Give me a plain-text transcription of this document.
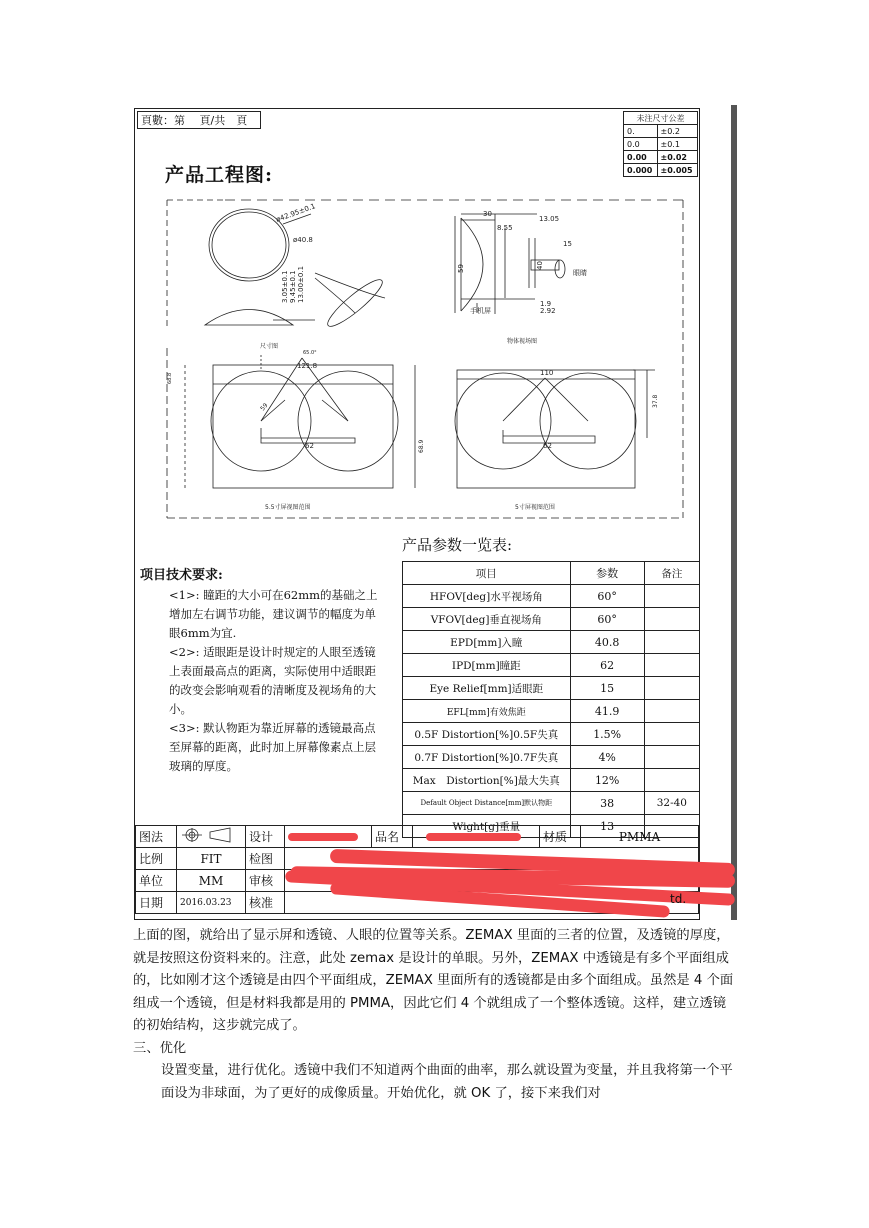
頁數：第　 頁/共　頁	未注尺寸公差	
0.	±0.2
0.0	±0.1
0.00	±0.02
0.000	±0.005
产品工程图:
ø42.95±0.1
ø40.8
3.05±0.1 9.45±0.1 13.00±0.1
尺寸图
30
13.05
8.55
15
59	40
1.9
2.92
眼睛
手机屏
物体视场图
121.8
65.0°
68.8
68.9
59
62
5.5寸屏视图范围
110
37.8
62
5寸屏视图范围
产品参数一览表:
项目技术要求:

<1>: 瞳距的大小可在62mm的基础之上增加左右调节功能，建议调节的幅度为单眼6mm为宜.

<2>: 适眼距是设计时规定的人眼至透镜上表面最高点的距离，实际使用中适眼距的改变会影响观看的清晰度及视场角的大小。

<3>: 默认物距为靠近屏幕的透镜最高点至屏幕的距离，此时加上屏幕像素点上层玻璃的厚度。

项目	参数	备注
HFOV[deg]水平视场角	60°	
VFOV[deg]垂直视场角	60°	
EPD[mm]入瞳	40.8	
IPD[mm]瞳距	62	
Eye Relief[mm]适眼距	15	
EFL[mm]有效焦距	41.9	
0.5F Distortion[%]0.5F失真	1.5%	
0.7F Distortion[%]0.7F失真	4%	
Max　Distortion[%]最大失真	12%	
Default Object Distance[mm]默认物距	38	32-40
Wight[g]重量	13	
图法		设计		品名		材质	PMMA
比例	FIT	检图					
单位	MM	审核					
日期	2016.03.23	核准						td.

上面的图，就给出了显示屏和透镜、人眼的位置等关系。ZEMAX 里面的三者的位置，及透镜的厚度，就是按照这份资料来的。注意，此处 zemax 是设计的单眼。另外，ZEMAX 中透镜是有多个平面组成的，比如刚才这个透镜是由四个平面组成，ZEMAX 里面所有的透镜都是由多个面组成。虽然是 4 个面组成一个透镜，但是材料我都是用的 PMMA，因此它们 4 个就组成了一个整体透镜。这样，建立透镜的初始结构，这步就完成了。

三、优化

设置变量，进行优化。透镜中我们不知道两个曲面的曲率，那么就设置为变量，并且我将第一个平面设为非球面，为了更好的成像质量。开始优化，就 OK 了，接下来我们对
